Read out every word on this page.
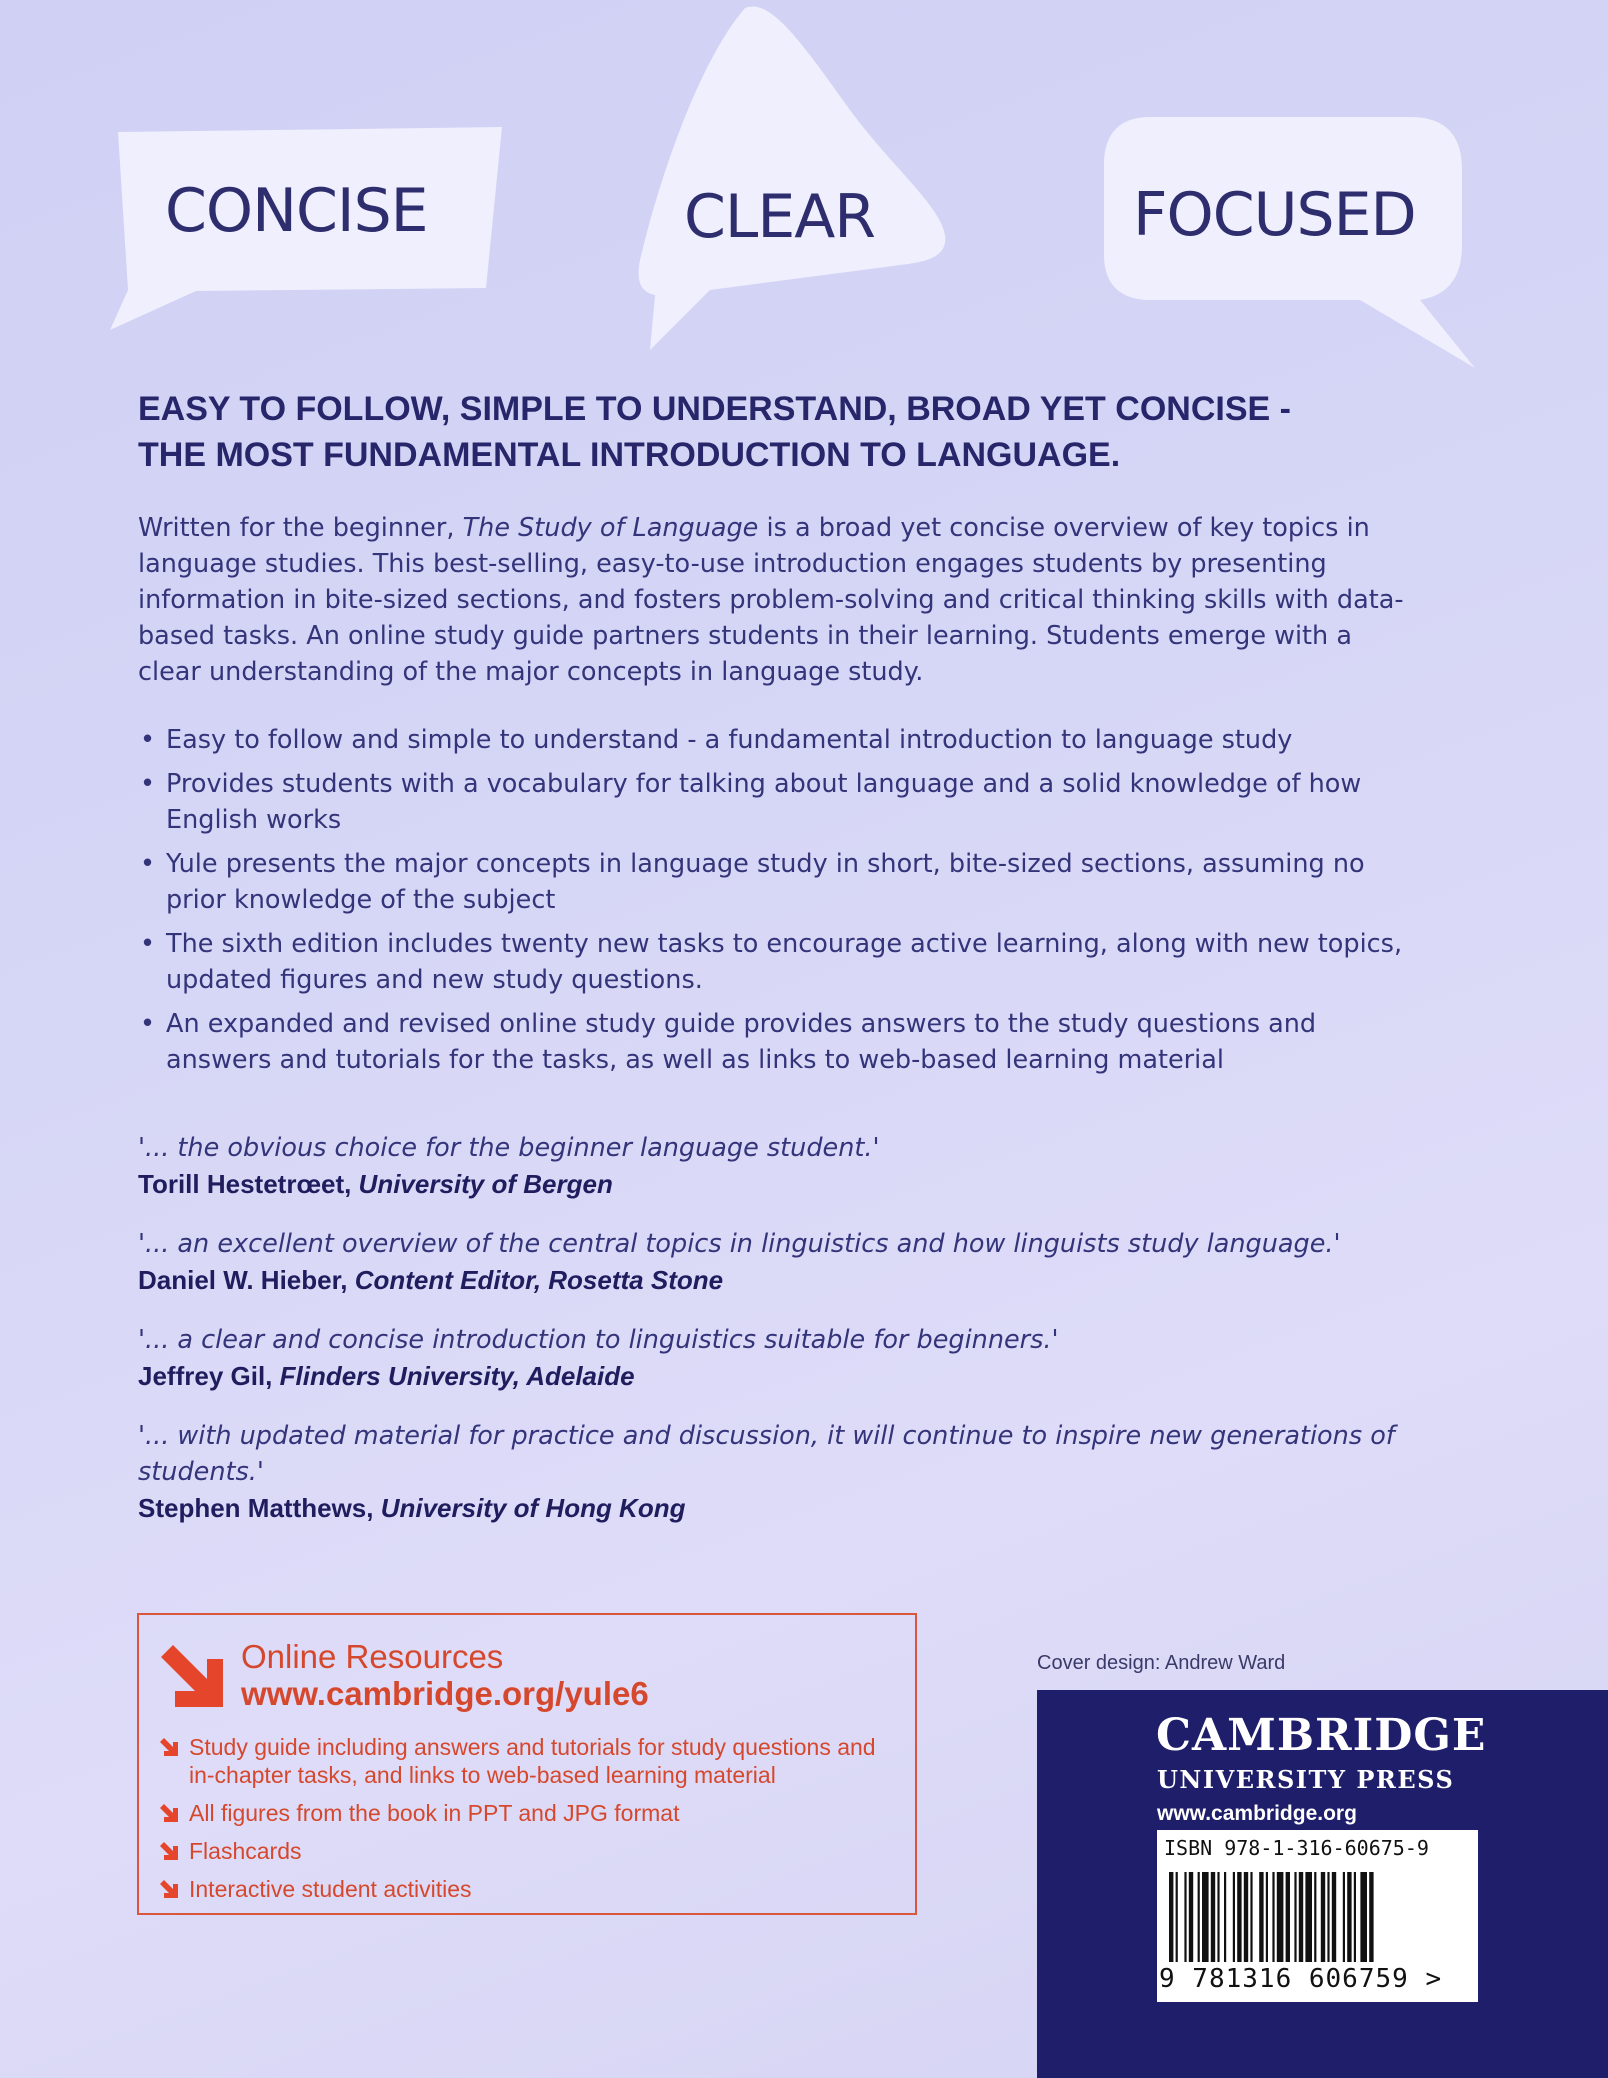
CONCISE	CLEAR	FOCUSED
EASY TO FOLLOW, SIMPLE TO UNDERSTAND, BROAD YET CONCISE -
THE MOST FUNDAMENTAL INTRODUCTION TO LANGUAGE.
Written for the beginner, The Study of Language is a broad yet concise overview of key topics in language studies. This best-selling, easy-to-use introduction engages students by presenting information in bite-sized sections, and fosters problem-solving and critical thinking skills with data-based tasks. An online study guide partners students in their learning. Students emerge with a clear understanding of the major concepts in language study.
• Easy to follow and simple to understand - a fundamental introduction to language study
• Provides students with a vocabulary for talking about language and a solid knowledge of how English works
• Yule presents the major concepts in language study in short, bite-sized sections, assuming no prior knowledge of the subject
• The sixth edition includes twenty new tasks to encourage active learning, along with new topics, updated figures and new study questions.
• An expanded and revised online study guide provides answers to the study questions and answers and tutorials for the tasks, as well as links to web-based learning material
'... the obvious choice for the beginner language student.'
Torill Hestetrœet, University of Bergen
'... an excellent overview of the central topics in linguistics and how linguists study language.'
Daniel W. Hieber, Content Editor, Rosetta Stone
'... a clear and concise introduction to linguistics suitable for beginners.'
Jeffrey Gil, Flinders University, Adelaide
'... with updated material for practice and discussion, it will continue to inspire new generations of students.'
Stephen Matthews, University of Hong Kong
Online Resources
www.cambridge.org/yule6
Study guide including answers and tutorials for study questions and in-chapter tasks, and links to web-based learning material
All figures from the book in PPT and JPG format
Flashcards
Interactive student activities
Cover design: Andrew Ward
CAMBRIDGE
UNIVERSITY PRESS
www.cambridge.org
ISBN 978-1-316-60675-9
9 781316 606759 >
